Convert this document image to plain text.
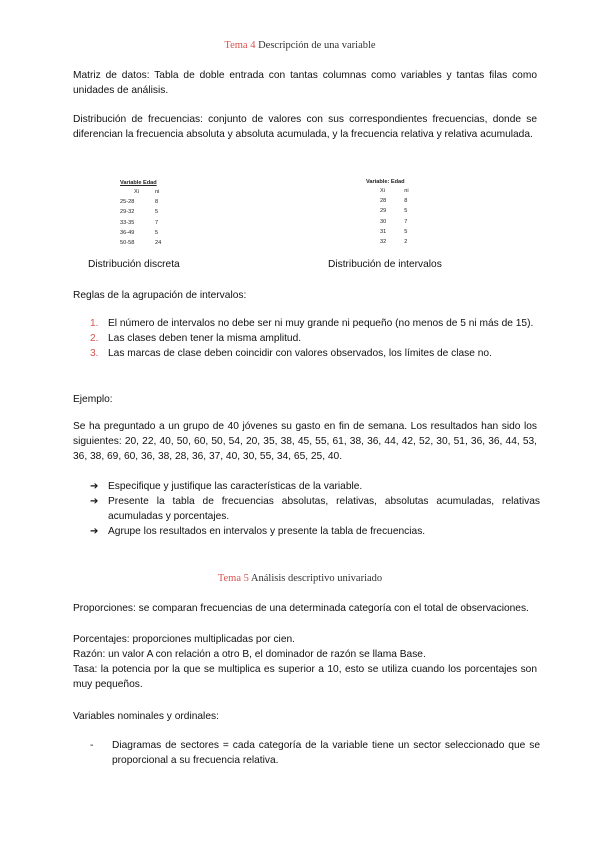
Tema 4 Descripción de una variable
Matriz de datos: Tabla de doble entrada con tantas columnas como variables y tantas filas como unidades de análisis.
Distribución de frecuencias: conjunto de valores con sus correspondientes frecuencias, donde se diferencian la frecuencia absoluta y absoluta acumulada, y la frecuencia relativa y relativa acumulada.
Variable Edad
Xi	ni
25-28	8
29-32	5
33-35	7
36-49	5
50-58	24
Variable: Edad
Xi	ni
28	8
29	5
30	7
31	5
32	2
Distribución discreta	Distribución de intervalos
Reglas de la agrupación de intervalos:
1. El número de intervalos no debe ser ni muy grande ni pequeño (no menos de 5 ni más de 15).
2. Las clases deben tener la misma amplitud.
3. Las marcas de clase deben coincidir con valores observados, los límites de clase no.
Ejemplo:
Se ha preguntado a un grupo de 40 jóvenes su gasto en fin de semana. Los resultados han sido los siguientes: 20, 22, 40, 50, 60, 50, 54, 20, 35, 38, 45, 55, 61, 38, 36, 44, 42, 52, 30, 51, 36, 36, 44, 53, 36, 38, 69, 60, 36, 38, 28, 36, 37, 40, 30, 55, 34, 65, 25, 40.
➔ Especifique y justifique las características de la variable.
➔ Presente la tabla de frecuencias absolutas, relativas, absolutas acumuladas, relativas acumuladas y porcentajes.
➔ Agrupe los resultados en intervalos y presente la tabla de frecuencias.
Tema 5 Análisis descriptivo univariado
Proporciones: se comparan frecuencias de una determinada categoría con el total de observaciones.
Porcentajes: proporciones multiplicadas por cien.
Razón: un valor A con relación a otro B, el dominador de razón se llama Base.
Tasa: la potencia por la que se multiplica es superior a 10, esto se utiliza cuando los porcentajes son muy pequeños.
Variables nominales y ordinales:
- Diagramas de sectores = cada categoría de la variable tiene un sector seleccionado que se proporcional a su frecuencia relativa.
